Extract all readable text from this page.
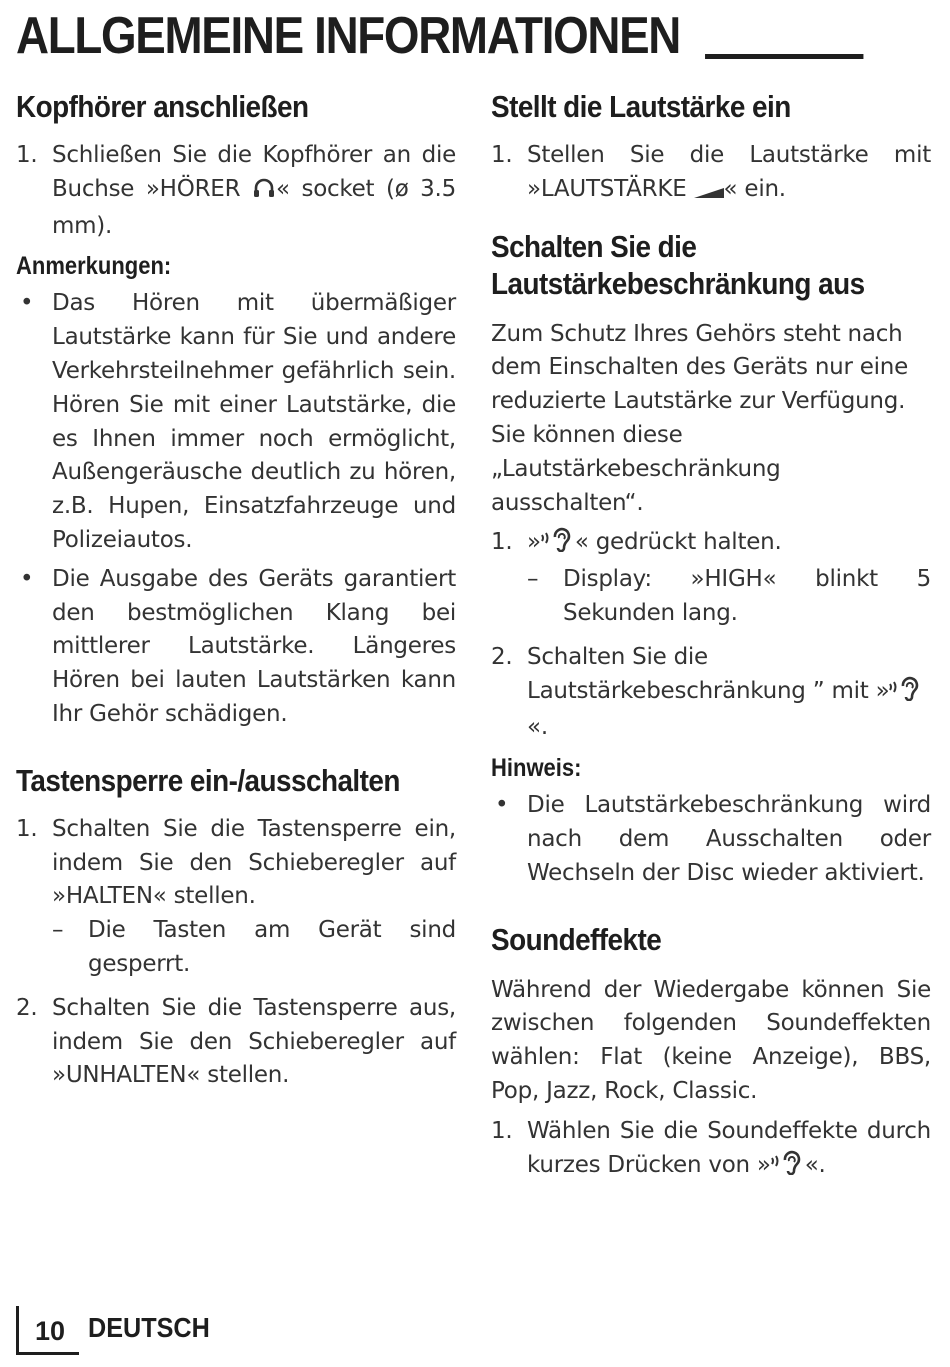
ALLGEMEINE INFORMATIONEN
Kopfhörer anschließen
1. Schließen Sie die Kopfhörer an die Buchse »HÖRER « socket (ø 3.5 mm).
Anmerkungen:
• Das Hören mit übermäßiger Lautstärke kann für Sie und andere Verkehrsteilnehmer gefährlich sein. Hören Sie mit einer Lautstärke, die es Ihnen immer noch ermöglicht, Außengeräusche deutlich zu hören, z.B. Hupen, Einsatzfahrzeuge und Polizeiautos.
• Die Ausgabe des Geräts garantiert den bestmöglichen Klang bei mittlerer Lautstärke. Längeres Hören bei lauten Lautstärken kann Ihr Gehör schädigen.
Tastensperre ein-/ausschalten
1. Schalten Sie die Tastensperre ein, indem Sie den Schieberegler auf »HALTEN« stellen.
– Die Tasten am Gerät sind gesperrt.
2. Schalten Sie die Tastensperre aus, indem Sie den Schieberegler auf »UNHALTEN« stellen.
Stellt die Lautstärke ein
1. Stellen Sie die Lautstärke mit »LAUTSTÄRKE « ein.
Schalten Sie die
Lautstärkebeschränkung aus

Zum Schutz Ihres Gehörs steht nach dem Einschalten des Geräts nur eine reduzierte Lautstärke zur Verfügung. Sie können diese „Lautstärkebeschränkung ausschalten“.

1. » « gedrückt halten.
– Display: »HIGH« blinkt 5 Sekunden lang.
2. Schalten Sie die Lautstärkebeschränkung ” mit »«.
Hinweis:
• Die Lautstärkebeschränkung wird nach dem Ausschalten oder Wechseln der Disc wieder aktiviert.
Soundeffekte

Während der Wiedergabe können Sie zwischen folgenden Soundeffekten wählen: Flat (keine Anzeige), BBS, Pop, Jazz, Rock, Classic.

1. Wählen Sie die Soundeffekte durch kurzes Drücken von » «.
10 DEUTSCH
